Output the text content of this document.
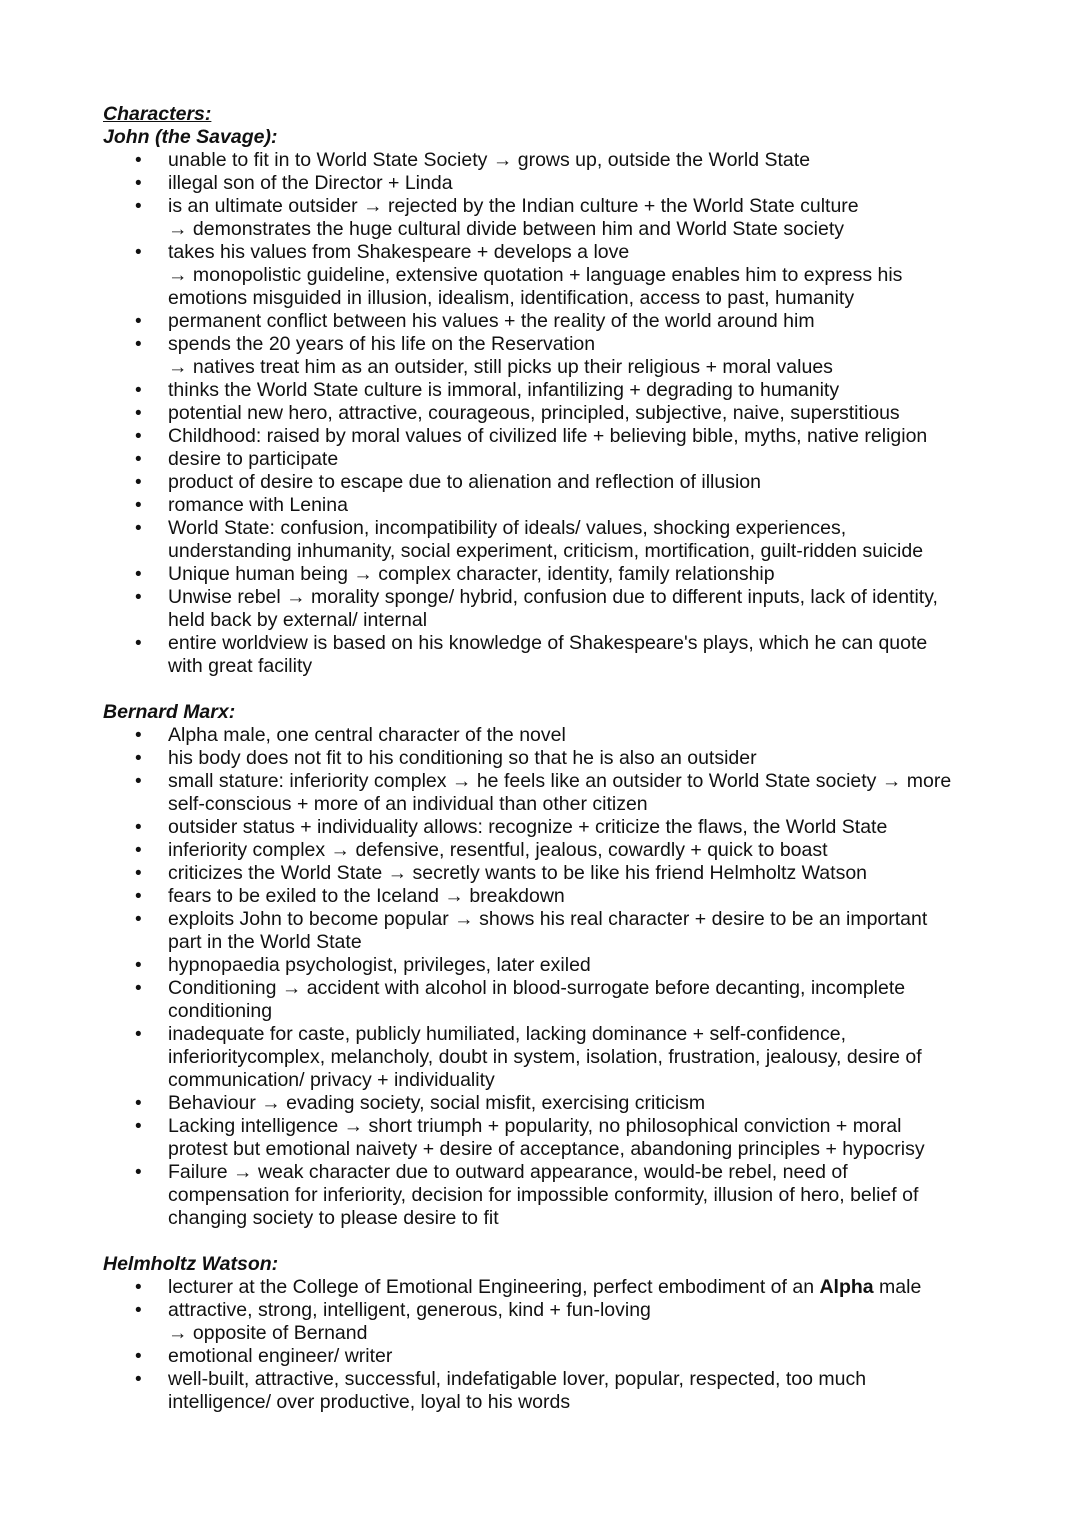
Characters:

John (the Savage):

• unable to fit in to World State Society → grows up, outside the World State
• illegal son of the Director + Linda
• is an ultimate outsider → rejected by the Indian culture + the World State culture
→ demonstrates the huge cultural divide between him and World State society
• takes his values from Shakespeare + develops a love
→ monopolistic guideline, extensive quotation + language enables him to express his
emotions misguided in illusion, idealism, identification, access to past, humanity
• permanent conflict between his values + the reality of the world around him
• spends the 20 years of his life on the Reservation
→ natives treat him as an outsider, still picks up their religious + moral values
• thinks the World State culture is immoral, infantilizing + degrading to humanity
• potential new hero, attractive, courageous, principled, subjective, naive, superstitious
• Childhood: raised by moral values of civilized life + believing bible, myths, native religion
• desire to participate
• product of desire to escape due to alienation and reflection of illusion
• romance with Lenina
• World State: confusion, incompatibility of ideals/ values, shocking experiences,
understanding inhumanity, social experiment, criticism, mortification, guilt-ridden suicide
• Unique human being → complex character, identity, family relationship
• Unwise rebel → morality sponge/ hybrid, confusion due to different inputs, lack of identity,
held back by external/ internal
• entire worldview is based on his knowledge of Shakespeare's plays, which he can quote
with great facility

Bernard Marx:

• Alpha male, one central character of the novel
• his body does not fit to his conditioning so that he is also an outsider
• small stature: inferiority complex → he feels like an outsider to World State society → more
self-conscious + more of an individual than other citizen
• outsider status + individuality allows: recognize + criticize the flaws, the World State
• inferiority complex → defensive, resentful, jealous, cowardly + quick to boast
• criticizes the World State → secretly wants to be like his friend Helmholtz Watson
• fears to be exiled to the Iceland → breakdown
• exploits John to become popular → shows his real character + desire to be an important
part in the World State
• hypnopaedia psychologist, privileges, later exiled
• Conditioning → accident with alcohol in blood-surrogate before decanting, incomplete
conditioning
• inadequate for caste, publicly humiliated, lacking dominance + self-confidence,
inferioritycomplex, melancholy, doubt in system, isolation, frustration, jealousy, desire of
communication/ privacy + individuality
• Behaviour → evading society, social misfit, exercising criticism
• Lacking intelligence → short triumph + popularity, no philosophical conviction + moral
protest but emotional naivety + desire of acceptance, abandoning principles + hypocrisy
• Failure → weak character due to outward appearance, would-be rebel, need of
compensation for inferiority, decision for impossible conformity, illusion of hero, belief of
changing society to please desire to fit

Helmholtz Watson:

• lecturer at the College of Emotional Engineering, perfect embodiment of an Alpha male
• attractive, strong, intelligent, generous, kind + fun-loving
→ opposite of Bernand
• emotional engineer/ writer
• well-built, attractive, successful, indefatigable lover, popular, respected, too much
intelligence/ over productive, loyal to his words
